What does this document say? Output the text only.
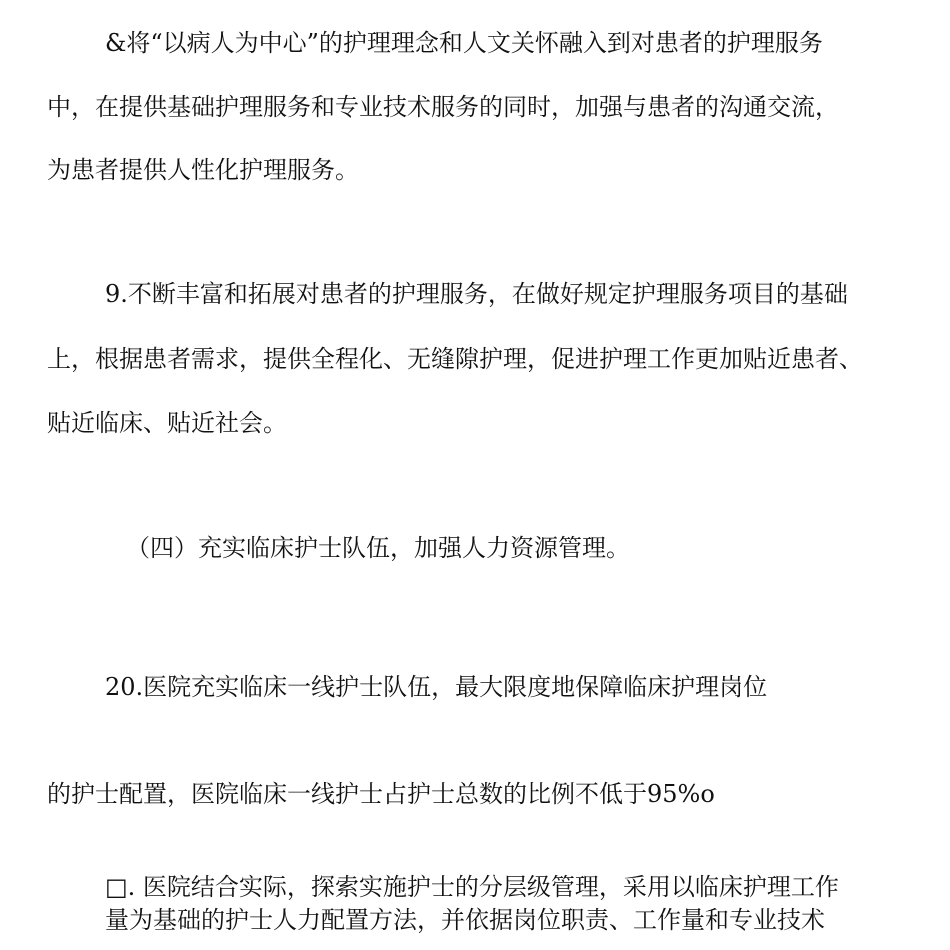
&将“以病人为中心”的护理理念和人文关怀融入到对患者的护理服务
中，在提供基础护理服务和专业技术服务的同时，加强与患者的沟通交流，
为患者提供人性化护理服务。
9.不断丰富和拓展对患者的护理服务，在做好规定护理服务项目的基础
上，根据患者需求，提供全程化、无缝隙护理，促进护理工作更加贴近患者、
贴近临床、贴近社会。
（四）充实临床护士队伍，加强人力资源管理。
20.医院充实临床一线护士队伍，最大限度地保障临床护理岗位
的护士配置，医院临床一线护士占护士总数的比例不低于95%o
□. 医院结合实际，探索实施护士的分层级管理，采用以临床护理工作
量为基础的护士人力配置方法，并依据岗位职责、工作量和专业技术
